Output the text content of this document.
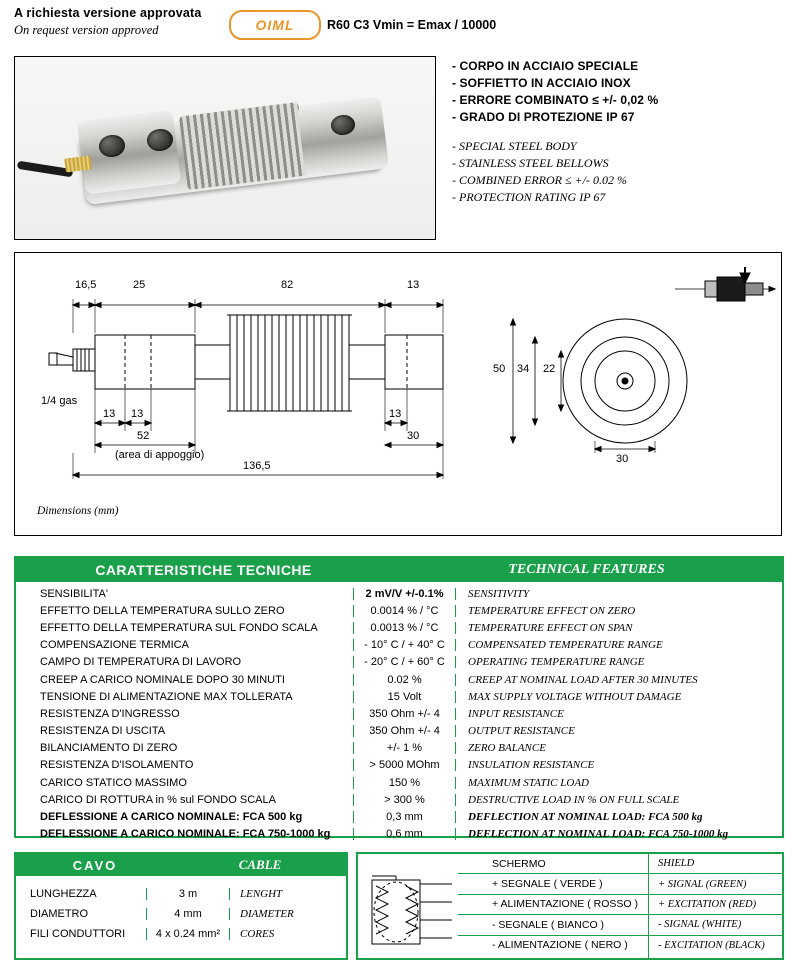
A richiesta versione approvata
On request version approved	OIML	R60 C3 Vmin = Emax / 10000
- CORPO IN ACCIAIO SPECIALE
- SOFFIETTO IN ACCIAIO INOX
- ERRORE COMBINATO ≤ +/- 0,02 %
- GRADO DI PROTEZIONE IP 67
- SPECIAL STEEL BODY
- STAINLESS STEEL BELLOWS
- COMBINED ERROR ≤ +/- 0.02 %
- PROTECTION RATING IP 67
16,5	25	82	13
13 13	13
52	30
136,5
(area di appoggio)
1/4 gas
50 34 22
30
Dimensions (mm)
CARATTERISTICHE TECNICHE	TECHNICAL FEATURES
SENSIBILITA'	2 mV/V +/-0.1%	SENSITIVITY
EFFETTO DELLA TEMPERATURA SULLO ZERO	0.0014 % / °C	TEMPERATURE EFFECT ON ZERO
EFFETTO DELLA TEMPERATURA SUL FONDO SCALA	0.0013 % / °C	TEMPERATURE EFFECT ON SPAN
COMPENSAZIONE TERMICA	- 10° C / + 40° C	COMPENSATED TEMPERATURE RANGE
CAMPO DI TEMPERATURA DI LAVORO	- 20° C / + 60° C	OPERATING TEMPERATURE RANGE
CREEP A CARICO NOMINALE DOPO 30 MINUTI	0.02 %	CREEP AT NOMINAL LOAD AFTER 30 MINUTES
TENSIONE DI ALIMENTAZIONE MAX TOLLERATA	15 Volt	MAX SUPPLY VOLTAGE WITHOUT DAMAGE
RESISTENZA D'INGRESSO	350 Ohm +/- 4	INPUT RESISTANCE
RESISTENZA DI USCITA	350 Ohm +/- 4	OUTPUT RESISTANCE
BILANCIAMENTO DI ZERO	+/- 1 %	ZERO BALANCE
RESISTENZA D'ISOLAMENTO	> 5000 MOhm	INSULATION RESISTANCE
CARICO STATICO MASSIMO	150 %	MAXIMUM STATIC LOAD
CARICO DI ROTTURA in % sul FONDO SCALA	> 300 %	DESTRUCTIVE LOAD IN % ON FULL SCALE
DEFLESSIONE A CARICO NOMINALE: FCA 500 kg	0,3 mm	DEFLECTION AT NOMINAL LOAD: FCA 500 kg
DEFLESSIONE A CARICO NOMINALE: FCA 750-1000 kg	0,6 mm	DEFLECTION AT NOMINAL LOAD: FCA 750-1000 kg
CAVO	CABLE
LUNGHEZZA	3 m	LENGHT
DIAMETRO	4 mm	DIAMETER
FILI CONDUTTORI	4 x 0.24 mm²	CORES
SCHERMO	SHIELD
+ SEGNALE ( VERDE )	+ SIGNAL (GREEN)
+ ALIMENTAZIONE ( ROSSO )	+ EXCITATION (RED)
- SEGNALE ( BIANCO )	- SIGNAL (WHITE)
- ALIMENTAZIONE ( NERO )	- EXCITATION (BLACK)
